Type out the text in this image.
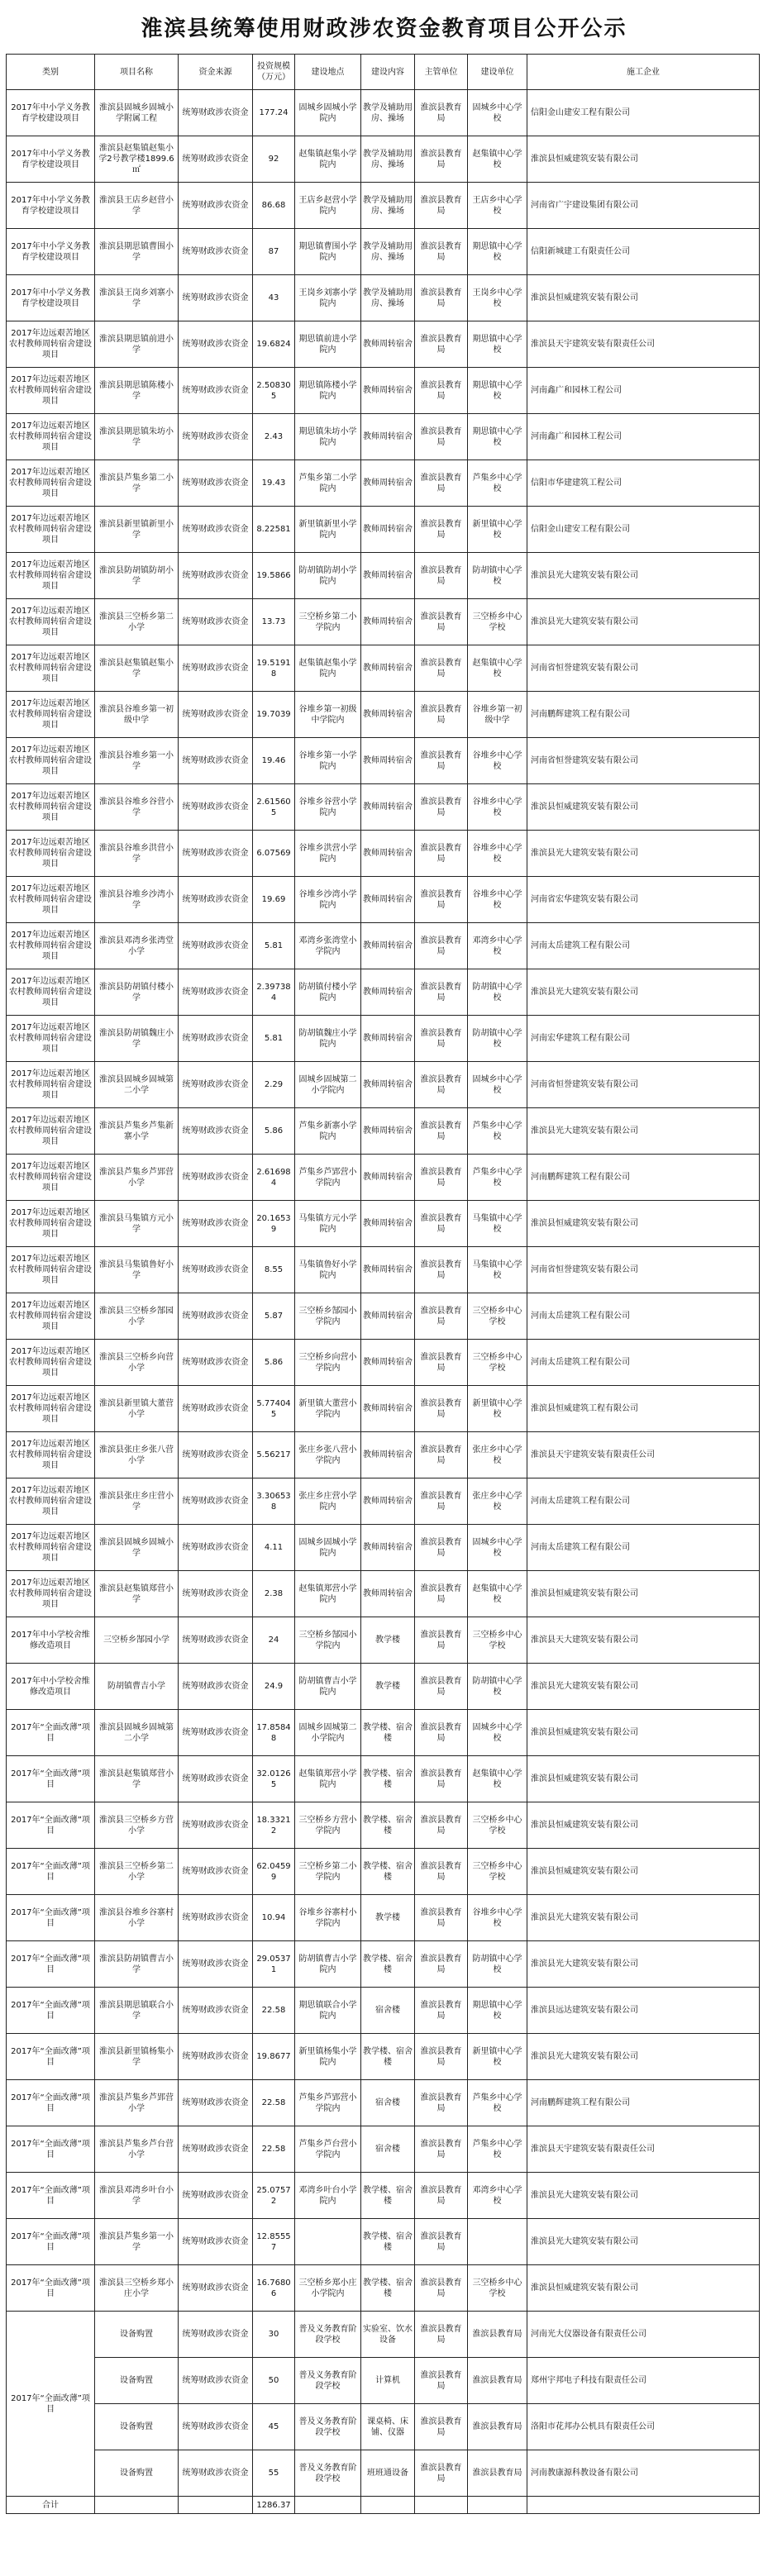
淮滨县统筹使用财政涉农资金教育项目公开公示
类别	项目名称	资金来源	投资规模（万元）	建设地点	建设内容	主管单位	建设单位	施工企业
2017年中小学义务教育学校建设项目	淮滨县固城乡固城小学附属工程	统筹财政涉农资金	177.24	固城乡固城小学院内	教学及辅助用房、操场	淮滨县教育局	固城乡中心学校	信阳金山建安工程有限公司
2017年中小学义务教育学校建设项目	淮滨县赵集镇赵集小学2号教学楼1899.6㎡	统筹财政涉农资金	92	赵集镇赵集小学院内	教学及辅助用房、操场	淮滨县教育局	赵集镇中心学校	淮滨县恒威建筑安装有限公司
2017年中小学义务教育学校建设项目	淮滨县王店乡赵营小学	统筹财政涉农资金	86.68	王店乡赵营小学院内	教学及辅助用房、操场	淮滨县教育局	王店乡中心学校	河南省广宇建设集团有限公司
2017年中小学义务教育学校建设项目	淮滨县期思镇曹围小学	统筹财政涉农资金	87	期思镇曹围小学院内	教学及辅助用房、操场	淮滨县教育局	期思镇中心学校	信阳新城建工有限责任公司
2017年中小学义务教育学校建设项目	淮滨县王岗乡刘寨小学	统筹财政涉农资金	43	王岗乡刘寨小学院内	教学及辅助用房、操场	淮滨县教育局	王岗乡中心学校	淮滨县恒威建筑安装有限公司
2017年边远艰苦地区农村教师周转宿舍建设项目	淮滨县期思镇前进小学	统筹财政涉农资金	19.6824	期思镇前进小学院内	教师周转宿舍	淮滨县教育局	期思镇中心学校	淮滨县天宇建筑安装有限责任公司
2017年边远艰苦地区农村教师周转宿舍建设项目	淮滨县期思镇陈楼小学	统筹财政涉农资金	2.508305	期思镇陈楼小学院内	教师周转宿舍	淮滨县教育局	期思镇中心学校	河南鑫广和园林工程公司
2017年边远艰苦地区农村教师周转宿舍建设项目	淮滨县期思镇朱坊小学	统筹财政涉农资金	2.43	期思镇朱坊小学院内	教师周转宿舍	淮滨县教育局	期思镇中心学校	河南鑫广和园林工程公司
2017年边远艰苦地区农村教师周转宿舍建设项目	淮滨县芦集乡第二小学	统筹财政涉农资金	19.43	芦集乡第二小学院内	教师周转宿舍	淮滨县教育局	芦集乡中心学校	信阳市华建建筑工程公司
2017年边远艰苦地区农村教师周转宿舍建设项目	淮滨县新里镇新里小学	统筹财政涉农资金	8.22581	新里镇新里小学院内	教师周转宿舍	淮滨县教育局	新里镇中心学校	信阳金山建安工程有限公司
2017年边远艰苦地区农村教师周转宿舍建设项目	淮滨县防胡镇防胡小学	统筹财政涉农资金	19.5866	防胡镇防胡小学院内	教师周转宿舍	淮滨县教育局	防胡镇中心学校	淮滨县光大建筑安装有限公司
2017年边远艰苦地区农村教师周转宿舍建设项目	淮滨县三空桥乡第二小学	统筹财政涉农资金	13.73	三空桥乡第二小学院内	教师周转宿舍	淮滨县教育局	三空桥乡中心学校	淮滨县光大建筑安装有限公司
2017年边远艰苦地区农村教师周转宿舍建设项目	淮滨县赵集镇赵集小学	统筹财政涉农资金	19.51918	赵集镇赵集小学院内	教师周转宿舍	淮滨县教育局	赵集镇中心学校	河南省恒誉建筑安装有限公司
2017年边远艰苦地区农村教师周转宿舍建设项目	淮滨县谷堆乡第一初级中学	统筹财政涉农资金	19.7039	谷堆乡第一初级中学院内	教师周转宿舍	淮滨县教育局	谷堆乡第一初级中学	河南鹏辉建筑工程有限公司
2017年边远艰苦地区农村教师周转宿舍建设项目	淮滨县谷堆乡第一小学	统筹财政涉农资金	19.46	谷堆乡第一小学院内	教师周转宿舍	淮滨县教育局	谷堆乡中心学校	河南省恒誉建筑安装有限公司
2017年边远艰苦地区农村教师周转宿舍建设项目	淮滨县谷堆乡谷营小学	统筹财政涉农资金	2.615605	谷堆乡谷营小学院内	教师周转宿舍	淮滨县教育局	谷堆乡中心学校	淮滨县恒威建筑安装有限公司
2017年边远艰苦地区农村教师周转宿舍建设项目	淮滨县谷堆乡洪营小学	统筹财政涉农资金	6.07569	谷堆乡洪营小学院内	教师周转宿舍	淮滨县教育局	谷堆乡中心学校	淮滨县光大建筑安装有限公司
2017年边远艰苦地区农村教师周转宿舍建设项目	淮滨县谷堆乡沙湾小学	统筹财政涉农资金	19.69	谷堆乡沙湾小学院内	教师周转宿舍	淮滨县教育局	谷堆乡中心学校	河南省宏华建筑安装有限公司
2017年边远艰苦地区农村教师周转宿舍建设项目	淮滨县邓湾乡张湾堂小学	统筹财政涉农资金	5.81	邓湾乡张湾堂小学院内	教师周转宿舍	淮滨县教育局	邓湾乡中心学校	河南太岳建筑工程有限公司
2017年边远艰苦地区农村教师周转宿舍建设项目	淮滨县防胡镇付楼小学	统筹财政涉农资金	2.397384	防胡镇付楼小学院内	教师周转宿舍	淮滨县教育局	防胡镇中心学校	淮滨县光大建筑安装有限公司
2017年边远艰苦地区农村教师周转宿舍建设项目	淮滨县防胡镇魏庄小学	统筹财政涉农资金	5.81	防胡镇魏庄小学院内	教师周转宿舍	淮滨县教育局	防胡镇中心学校	河南宏华建筑工程有限公司
2017年边远艰苦地区农村教师周转宿舍建设项目	淮滨县固城乡固城第二小学	统筹财政涉农资金	2.29	固城乡固城第二小学院内	教师周转宿舍	淮滨县教育局	固城乡中心学校	河南省恒誉建筑安装有限公司
2017年边远艰苦地区农村教师周转宿舍建设项目	淮滨县芦集乡芦集新寨小学	统筹财政涉农资金	5.86	芦集乡新寨小学院内	教师周转宿舍	淮滨县教育局	芦集乡中心学校	淮滨县光大建筑安装有限公司
2017年边远艰苦地区农村教师周转宿舍建设项目	淮滨县芦集乡芦郢营小学	统筹财政涉农资金	2.616984	芦集乡芦郢营小学院内	教师周转宿舍	淮滨县教育局	芦集乡中心学校	河南鹏辉建筑工程有限公司
2017年边远艰苦地区农村教师周转宿舍建设项目	淮滨县马集镇方元小学	统筹财政涉农资金	20.16539	马集镇方元小学院内	教师周转宿舍	淮滨县教育局	马集镇中心学校	淮滨县恒威建筑安装有限公司
2017年边远艰苦地区农村教师周转宿舍建设项目	淮滨县马集镇鲁好小学	统筹财政涉农资金	8.55	马集镇鲁好小学院内	教师周转宿舍	淮滨县教育局	马集镇中心学校	河南省恒誉建筑安装有限公司
2017年边远艰苦地区农村教师周转宿舍建设项目	淮滨县三空桥乡郜园小学	统筹财政涉农资金	5.87	三空桥乡郜园小学院内	教师周转宿舍	淮滨县教育局	三空桥乡中心学校	河南太岳建筑工程有限公司
2017年边远艰苦地区农村教师周转宿舍建设项目	淮滨县三空桥乡向营小学	统筹财政涉农资金	5.86	三空桥乡向营小学院内	教师周转宿舍	淮滨县教育局	三空桥乡中心学校	河南太岳建筑工程有限公司
2017年边远艰苦地区农村教师周转宿舍建设项目	淮滨县新里镇大董营小学	统筹财政涉农资金	5.774045	新里镇大董营小学院内	教师周转宿舍	淮滨县教育局	新里镇中心学校	淮滨县恒威建筑工程有限公司
2017年边远艰苦地区农村教师周转宿舍建设项目	淮滨县张庄乡张八营小学	统筹财政涉农资金	5.56217	张庄乡张八营小学院内	教师周转宿舍	淮滨县教育局	张庄乡中心学校	淮滨县天宇建筑安装有限责任公司
2017年边远艰苦地区农村教师周转宿舍建设项目	淮滨县张庄乡庄营小学	统筹财政涉农资金	3.306538	张庄乡庄营小学院内	教师周转宿舍	淮滨县教育局	张庄乡中心学校	河南太岳建筑工程有限公司
2017年边远艰苦地区农村教师周转宿舍建设项目	淮滨县固城乡固城小学	统筹财政涉农资金	4.11	固城乡固城小学院内	教师周转宿舍	淮滨县教育局	固城乡中心学校	河南太岳建筑工程有限公司
2017年边远艰苦地区农村教师周转宿舍建设项目	淮滨县赵集镇郑营小学	统筹财政涉农资金	2.38	赵集镇郑营小学院内	教师周转宿舍	淮滨县教育局	赵集镇中心学校	淮滨县恒威建筑安装有限公司
2017年中小学校舍维修改造项目	三空桥乡郜园小学	统筹财政涉农资金	24	三空桥乡郜园小学院内	教学楼	淮滨县教育局	三空桥乡中心学校	淮滨县天大建筑安装有限公司
2017年中小学校舍维修改造项目	防胡镇曹吉小学	统筹财政涉农资金	24.9	防胡镇曹吉小学院内	教学楼	淮滨县教育局	防胡镇中心学校	淮滨县光大建筑安装有限公司
2017年“全面改薄”项目	淮滨县固城乡固城第二小学	统筹财政涉农资金	17.85848	固城乡固城第二小学院内	教学楼、宿舍楼	淮滨县教育局	固城乡中心学校	淮滨县恒威建筑安装有限公司
2017年“全面改薄”项目	淮滨县赵集镇郑营小学	统筹财政涉农资金	32.01265	赵集镇郑营小学院内	教学楼、宿舍楼	淮滨县教育局	赵集镇中心学校	淮滨县恒威建筑安装有限公司
2017年“全面改薄”项目	淮滨县三空桥乡方营小学	统筹财政涉农资金	18.33212	三空桥乡方营小学院内	教学楼、宿舍楼	淮滨县教育局	三空桥乡中心学校	淮滨县恒威建筑安装有限公司
2017年“全面改薄”项目	淮滨县三空桥乡第二小学	统筹财政涉农资金	62.04599	三空桥乡第二小学院内	教学楼、宿舍楼	淮滨县教育局	三空桥乡中心学校	淮滨县恒威建筑安装有限公司
2017年“全面改薄”项目	淮滨县谷堆乡谷寨村小学	统筹财政涉农资金	10.94	谷堆乡谷寨村小学院内	教学楼	淮滨县教育局	谷堆乡中心学校	淮滨县光大建筑安装有限公司
2017年“全面改薄”项目	淮滨县防胡镇曹吉小学	统筹财政涉农资金	29.05371	防胡镇曹吉小学院内	教学楼、宿舍楼	淮滨县教育局	防胡镇中心学校	淮滨县光大建筑安装有限公司
2017年“全面改薄”项目	淮滨县期思镇联合小学	统筹财政涉农资金	22.58	期思镇联合小学院内	宿舍楼	淮滨县教育局	期思镇中心学校	淮滨县远达建筑安装有限公司
2017年“全面改薄”项目	淮滨县新里镇杨集小学	统筹财政涉农资金	19.8677	新里镇杨集小学院内	教学楼、宿舍楼	淮滨县教育局	新里镇中心学校	淮滨县光大建筑安装有限公司
2017年“全面改薄”项目	淮滨县芦集乡芦郢营小学	统筹财政涉农资金	22.58	芦集乡芦郢营小学院内	宿舍楼	淮滨县教育局	芦集乡中心学校	河南鹏辉建筑工程有限公司
2017年“全面改薄”项目	淮滨县芦集乡芦台营小学	统筹财政涉农资金	22.58	芦集乡芦台营小学院内	宿舍楼	淮滨县教育局	芦集乡中心学校	淮滨县天宇建筑安装有限责任公司
2017年“全面改薄”项目	淮滨县邓湾乡叶台小学	统筹财政涉农资金	25.07572	邓湾乡叶台小学院内	教学楼、宿舍楼	淮滨县教育局	邓湾乡中心学校	淮滨县光大建筑安装有限公司
2017年“全面改薄”项目	淮滨县芦集乡第一小学	统筹财政涉农资金	12.85557		教学楼、宿舍楼	淮滨县教育局		淮滨县光大建筑安装有限公司
2017年“全面改薄”项目	淮滨县三空桥乡郑小庄小学	统筹财政涉农资金	16.76806	三空桥乡郑小庄小学院内	教学楼、宿舍楼	淮滨县教育局	三空桥乡中心学校	淮滨县恒威建筑安装有限公司
2017年“全面改薄”项目	设备购置	统筹财政涉农资金	30	普及义务教育阶段学校	实验室、饮水设备	淮滨县教育局	淮滨县教育局	河南光大仪器设备有限责任公司
	设备购置	统筹财政涉农资金	50	普及义务教育阶段学校	计算机	淮滨县教育局	淮滨县教育局	郑州宇邦电子科技有限责任公司
	设备购置	统筹财政涉农资金	45	普及义务教育阶段学校	课桌椅、床铺、仪器	淮滨县教育局	淮滨县教育局	洛阳市花邦办公机具有限责任公司
	设备购置	统筹财政涉农资金	55	普及义务教育阶段学校	班班通设备	淮滨县教育局	淮滨县教育局	河南教康源科教设备有限公司
合计			1286.37					
